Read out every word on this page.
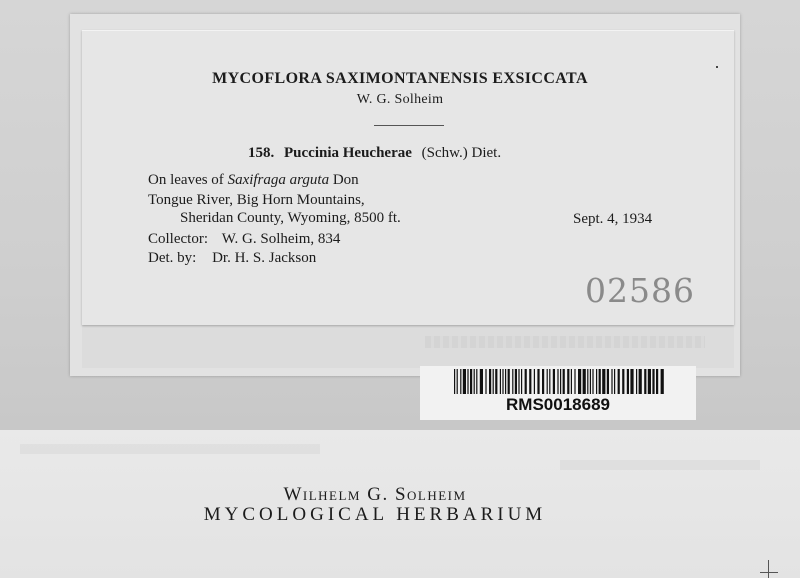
MYCOFLORA SAXIMONTANENSIS EXSICCATA
W. G. Solheim
158. Puccinia Heucherae (Schw.) Diet.
On leaves of Saxifraga arguta Don
Tongue River, Big Horn Mountains,
Sheridan County, Wyoming, 8500 ft.	Sept. 4, 1934
Collector: W. G. Solheim, 834
Det. by: Dr. H. S. Jackson
02586
RMS0018689
Wilhelm G. Solheim
MYCOLOGICAL HERBARIUM
